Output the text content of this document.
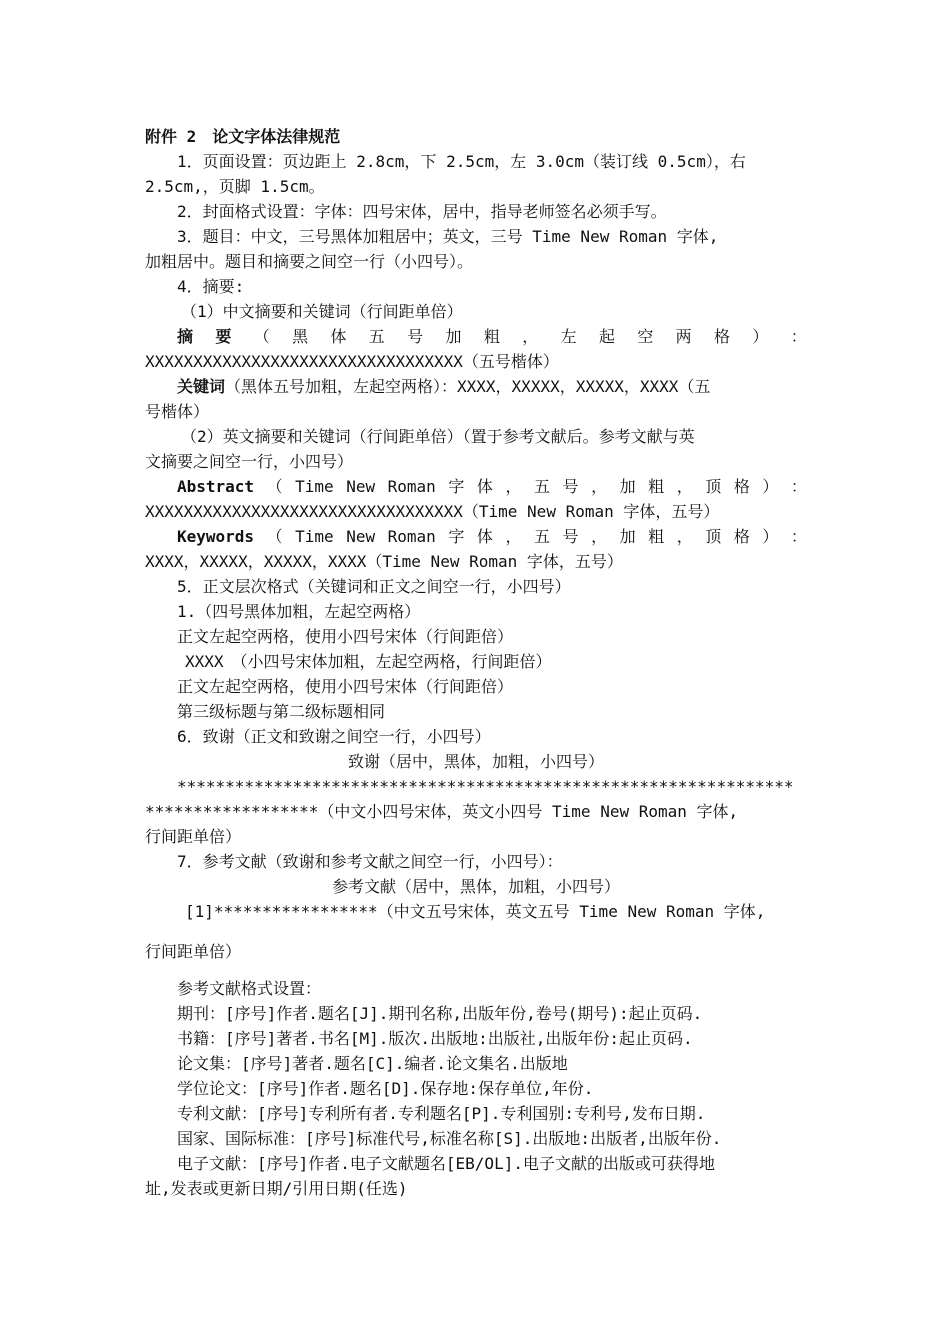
附件 2　论文字体法律规范
1．页面设置：页边距上 2.8cm，下 2.5cm，左 3.0cm（装订线 0.5cm），右
2.5cm,，页脚 1.5cm。
2．封面格式设置：字体：四号宋体，居中，指导老师签名必须手写。
3．题目：中文，三号黑体加粗居中；英文，三号 Time New Roman 字体,
加粗居中。题目和摘要之间空一行（小四号）。
4．摘要:
（1）中文摘要和关键词（行间距单倍）
摘 要 （ 黑 体 五 号 加 粗 ， 左 起 空 两 格 ） ：
XXXXXXXXXXXXXXXXXXXXXXXXXXXXXXXXX（五号楷体）
关键词（黑体五号加粗，左起空两格）：XXXX，XXXXX，XXXXX，XXXX（五
号楷体）
（2）英文摘要和关键词（行间距单倍）（置于参考文献后。参考文献与英
文摘要之间空一行，小四号）
Abstract （ Time New Roman 字 体 ， 五 号 ， 加 粗 ， 顶 格 ） ：
XXXXXXXXXXXXXXXXXXXXXXXXXXXXXXXXX（Time New Roman 字体，五号）
Keywords （ Time New Roman 字 体 ， 五 号 ， 加 粗 ， 顶 格 ） ：
XXXX，XXXXX，XXXXX，XXXX（Time New Roman 字体，五号）
5．正文层次格式（关键词和正文之间空一行，小四号）
1.（四号黑体加粗，左起空两格）
正文左起空两格，使用小四号宋体（行间距倍）
XXXX　（小四号宋体加粗，左起空两格，行间距倍）
正文左起空两格，使用小四号宋体（行间距倍）
第三级标题与第二级标题相同
6．致谢（正文和致谢之间空一行，小四号）
致谢（居中，黑体，加粗，小四号）
****************************************************************
******************（中文小四号宋体，英文小四号 Time New Roman 字体,
行间距单倍）
7．参考文献（致谢和参考文献之间空一行，小四号）：
参考文献（居中，黑体，加粗，小四号）
[1]*****************（中文五号宋体，英文五号 Time New Roman 字体,
行间距单倍）
参考文献格式设置：
期刊：[序号]作者.题名[J].期刊名称,出版年份,卷号(期号):起止页码.
书籍：[序号]著者.书名[M].版次.出版地:出版社,出版年份:起止页码.
论文集：[序号]著者.题名[C].编者.论文集名.出版地
学位论文：[序号]作者.题名[D].保存地:保存单位,年份.
专利文献：[序号]专利所有者.专利题名[P].专利国别:专利号,发布日期.
国家、国际标准：[序号]标准代号,标准名称[S].出版地:出版者,出版年份.
电子文献：[序号]作者.电子文献题名[EB/OL].电子文献的出版或可获得地
址,发表或更新日期/引用日期(任选)
